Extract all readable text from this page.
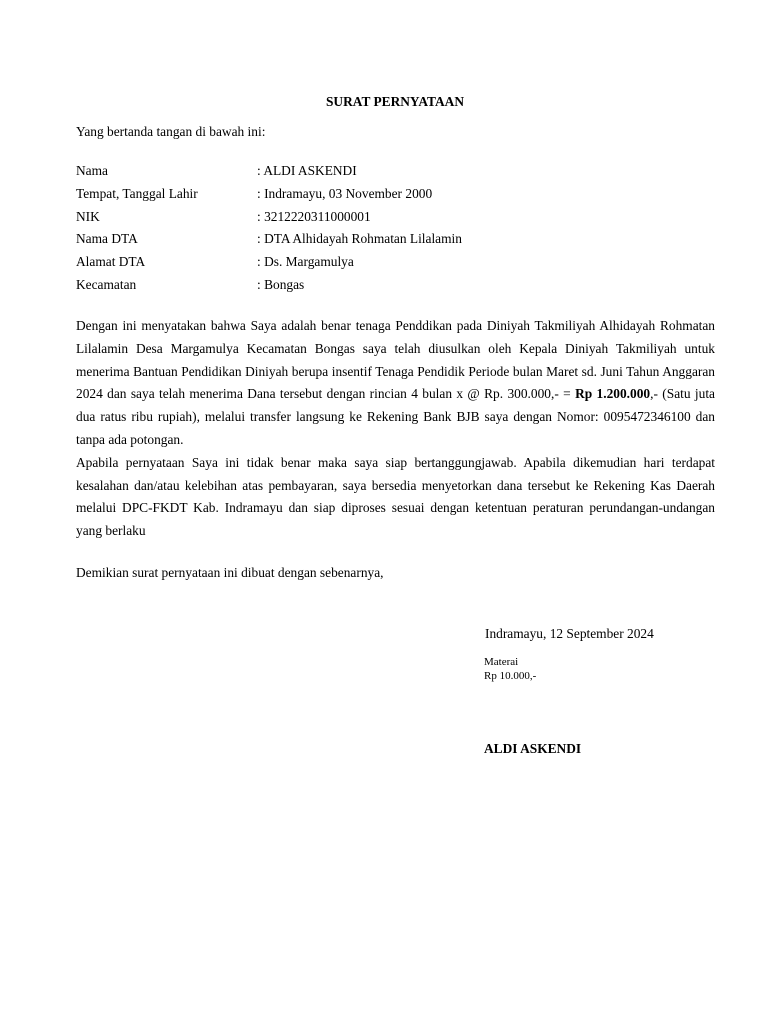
SURAT PERNYATAAN
Yang bertanda tangan di bawah ini:
Nama	: ALDI ASKENDI
Tempat, Tanggal Lahir	: Indramayu, 03 November 2000
NIK	: 3212220311000001
Nama DTA	: DTA Alhidayah Rohmatan Lilalamin
Alamat DTA	: Ds. Margamulya
Kecamatan	: Bongas

Dengan ini menyatakan bahwa Saya adalah benar tenaga Penddikan pada Diniyah Takmiliyah Alhidayah Rohmatan Lilalamin Desa Margamulya Kecamatan Bongas saya telah diusulkan oleh Kepala Diniyah Takmiliyah untuk menerima Bantuan Pendidikan Diniyah berupa insentif Tenaga Pendidik Periode bulan Maret sd. Juni Tahun Anggaran 2024 dan saya telah menerima Dana tersebut dengan rincian 4 bulan x @ Rp. 300.000,- = Rp 1.200.000,- (Satu juta dua ratus ribu rupiah), melalui transfer langsung ke Rekening Bank BJB saya dengan Nomor: 0095472346100 dan tanpa ada potongan.

Apabila pernyataan Saya ini tidak benar maka saya siap bertanggungjawab. Apabila dikemudian hari terdapat kesalahan dan/atau kelebihan atas pembayaran, saya bersedia menyetorkan dana tersebut ke Rekening Kas Daerah melalui DPC-FKDT Kab. Indramayu dan siap diproses sesuai dengan ketentuan peraturan perundangan-undangan yang berlaku

Demikian surat pernyataan ini dibuat dengan sebenarnya,
Indramayu, 12 September 2024
Materai
Rp 10.000,-
ALDI ASKENDI
